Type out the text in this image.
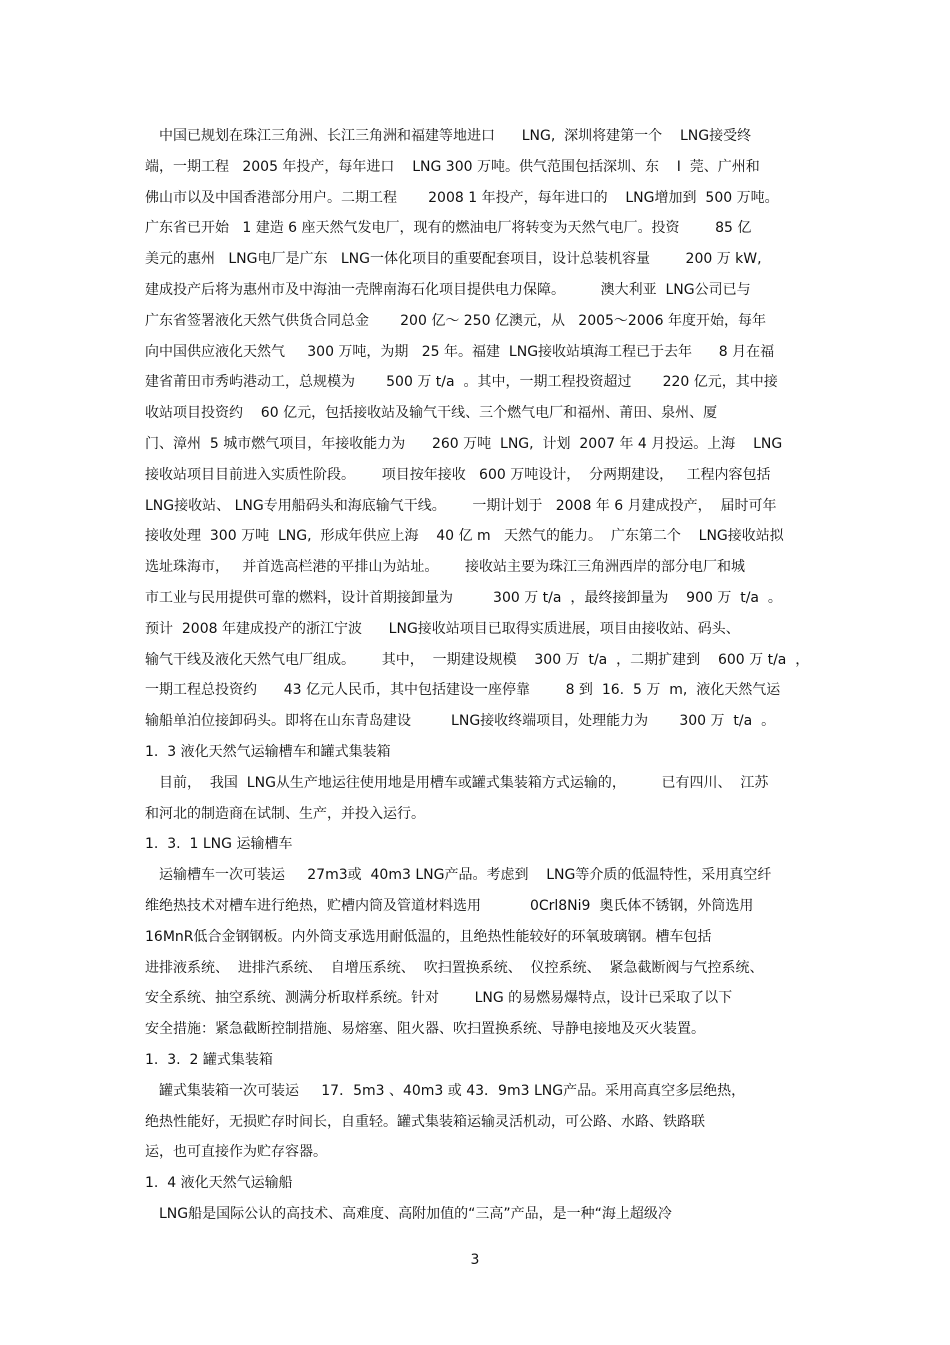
中国已规划在珠江三角洲、长江三角洲和福建等地进口      LNG,  深圳将建第一个    LNG接受终
端，一期工程   2005 年投产，每年进口    LNG 300 万吨。供气范围包括深圳、东    I  莞、广州和
佛山市以及中国香港部分用户。二期工程       2008 1 年投产，每年进口的    LNG增加到  500 万吨。
广东省已开始   1 建造 6 座天然气发电厂，现有的燃油电厂将转变为天然气电厂。投资        85 亿
美元的惠州   LNG电厂是广东   LNG一体化项目的重要配套项目，设计总装机容量        200 万 kW,
建成投产后将为惠州市及中海油一壳牌南海石化项目提供电力保障。        澳大利亚  LNG公司已与
广东省签署液化天然气供货合同总金       200 亿～ 250 亿澳元，从   2005～2006 年度开始，每年
向中国供应液化天然气     300 万吨，为期   25 年。福建  LNG接收站填海工程已于去年      8 月在福
建省莆田市秀屿港动工，总规模为       500 万 t/a  。其中，一期工程投资超过       220 亿元，其中接
收站项目投资约    60 亿元，包括接收站及输气干线、三个燃气电厂和福州、莆田、泉州、厦
门、漳州  5 城市燃气项目，年接收能力为      260 万吨  LNG,  计划  2007 年 4 月投运。上海    LNG
接收站项目目前进入实质性阶段。      项目按年接收   600 万吨设计，  分两期建设，   工程内容包括
LNG接收站、 LNG专用船码头和海底输气干线。      一期计划于   2008 年 6 月建成投产，  届时可年
接收处理  300 万吨  LNG,  形成年供应上海    40 亿 m   天然气的能力。  广东第二个    LNG接收站拟
选址珠海市，   并首选高栏港的平排山为站址。      接收站主要为珠江三角洲西岸的部分电厂和城
市工业与民用提供可靠的燃料，设计首期接卸量为         300 万 t/a  ，最终接卸量为    900 万  t/a  。
预计  2008 年建成投产的浙江宁波      LNG接收站项目已取得实质进展，项目由接收站、码头、
输气干线及液化天然气电厂组成。      其中，  一期建设规模    300 万  t/a  ，二期扩建到    600 万 t/a  ，
一期工程总投资约      43 亿元人民币，其中包括建设一座停靠        8 到  16.  5 万  m,  液化天然气运
输船单泊位接卸码头。即将在山东青岛建设         LNG接收终端项目，处理能力为       300 万  t/a  。
1.  3 液化天然气运输槽车和罐式集装箱
目前，  我国  LNG从生产地运往使用地是用槽车或罐式集装箱方式运输的，        已有四川、  江苏
和河北的制造商在试制、生产，并投入运行。
1.  3.  1 LNG 运输槽车
运输槽车一次可装运     27m3或  40m3 LNG产品。考虑到    LNG等介质的低温特性，采用真空纤
维绝热技术对槽车进行绝热，贮槽内筒及管道材料选用           0Crl8Ni9  奥氏体不锈钢，外筒选用
16MnR低合金钢钢板。内外筒支承选用耐低温的，且绝热性能较好的环氧玻璃钢。槽车包括
进排液系统、  进排汽系统、  自增压系统、  吹扫置换系统、  仪控系统、  紧急截断阀与气控系统、
安全系统、抽空系统、测满分析取样系统。针对        LNG 的易燃易爆特点，设计已采取了以下
安全措施：紧急截断控制措施、易熔塞、阻火器、吹扫置换系统、导静电接地及灭火装置。
1.  3.  2 罐式集装箱
罐式集装箱一次可装运     17．5m3 、40m3 或 43．9m3 LNG产品。采用高真空多层绝热，
绝热性能好，无损贮存时间长，自重轻。罐式集装箱运输灵活机动，可公路、水路、铁路联
运，也可直接作为贮存容器。
1.  4 液化天然气运输船
LNG船是国际公认的高技术、高难度、高附加值的“三高”产品，是一种“海上超级冷
3
